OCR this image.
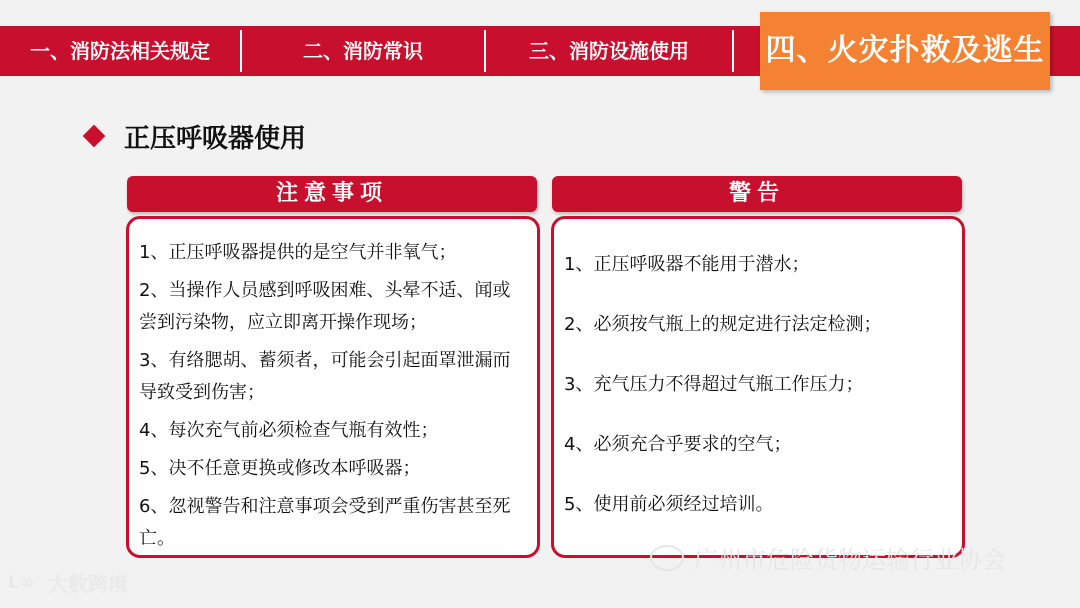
一、消防法相关规定	二、消防常识	三、消防设施使用	四、火灾扑救及逃生
正压呼吸器使用
注意事项	警告
1、正压呼吸器提供的是空气并非氧气；
2、当操作人员感到呼吸困难、头晕不适、闻或尝到污染物，应立即离开操作现场；
3、有络腮胡、蓄须者，可能会引起面罩泄漏而导致受到伤害；
4、每次充气前必须检查气瓶有效性；
5、决不任意更换或修改本呼吸器；
6、忽视警告和注意事项会受到严重伤害甚至死亡。
1、正压呼吸器不能用于潜水；
2、必须按气瓶上的规定进行法定检测；
3、充气压力不得超过气瓶工作压力；
4、必须充合乎要求的空气；
5、使用前必须经过培训。
广州市危险货物运输行业协会
ᒪ∞ 大数跨境
